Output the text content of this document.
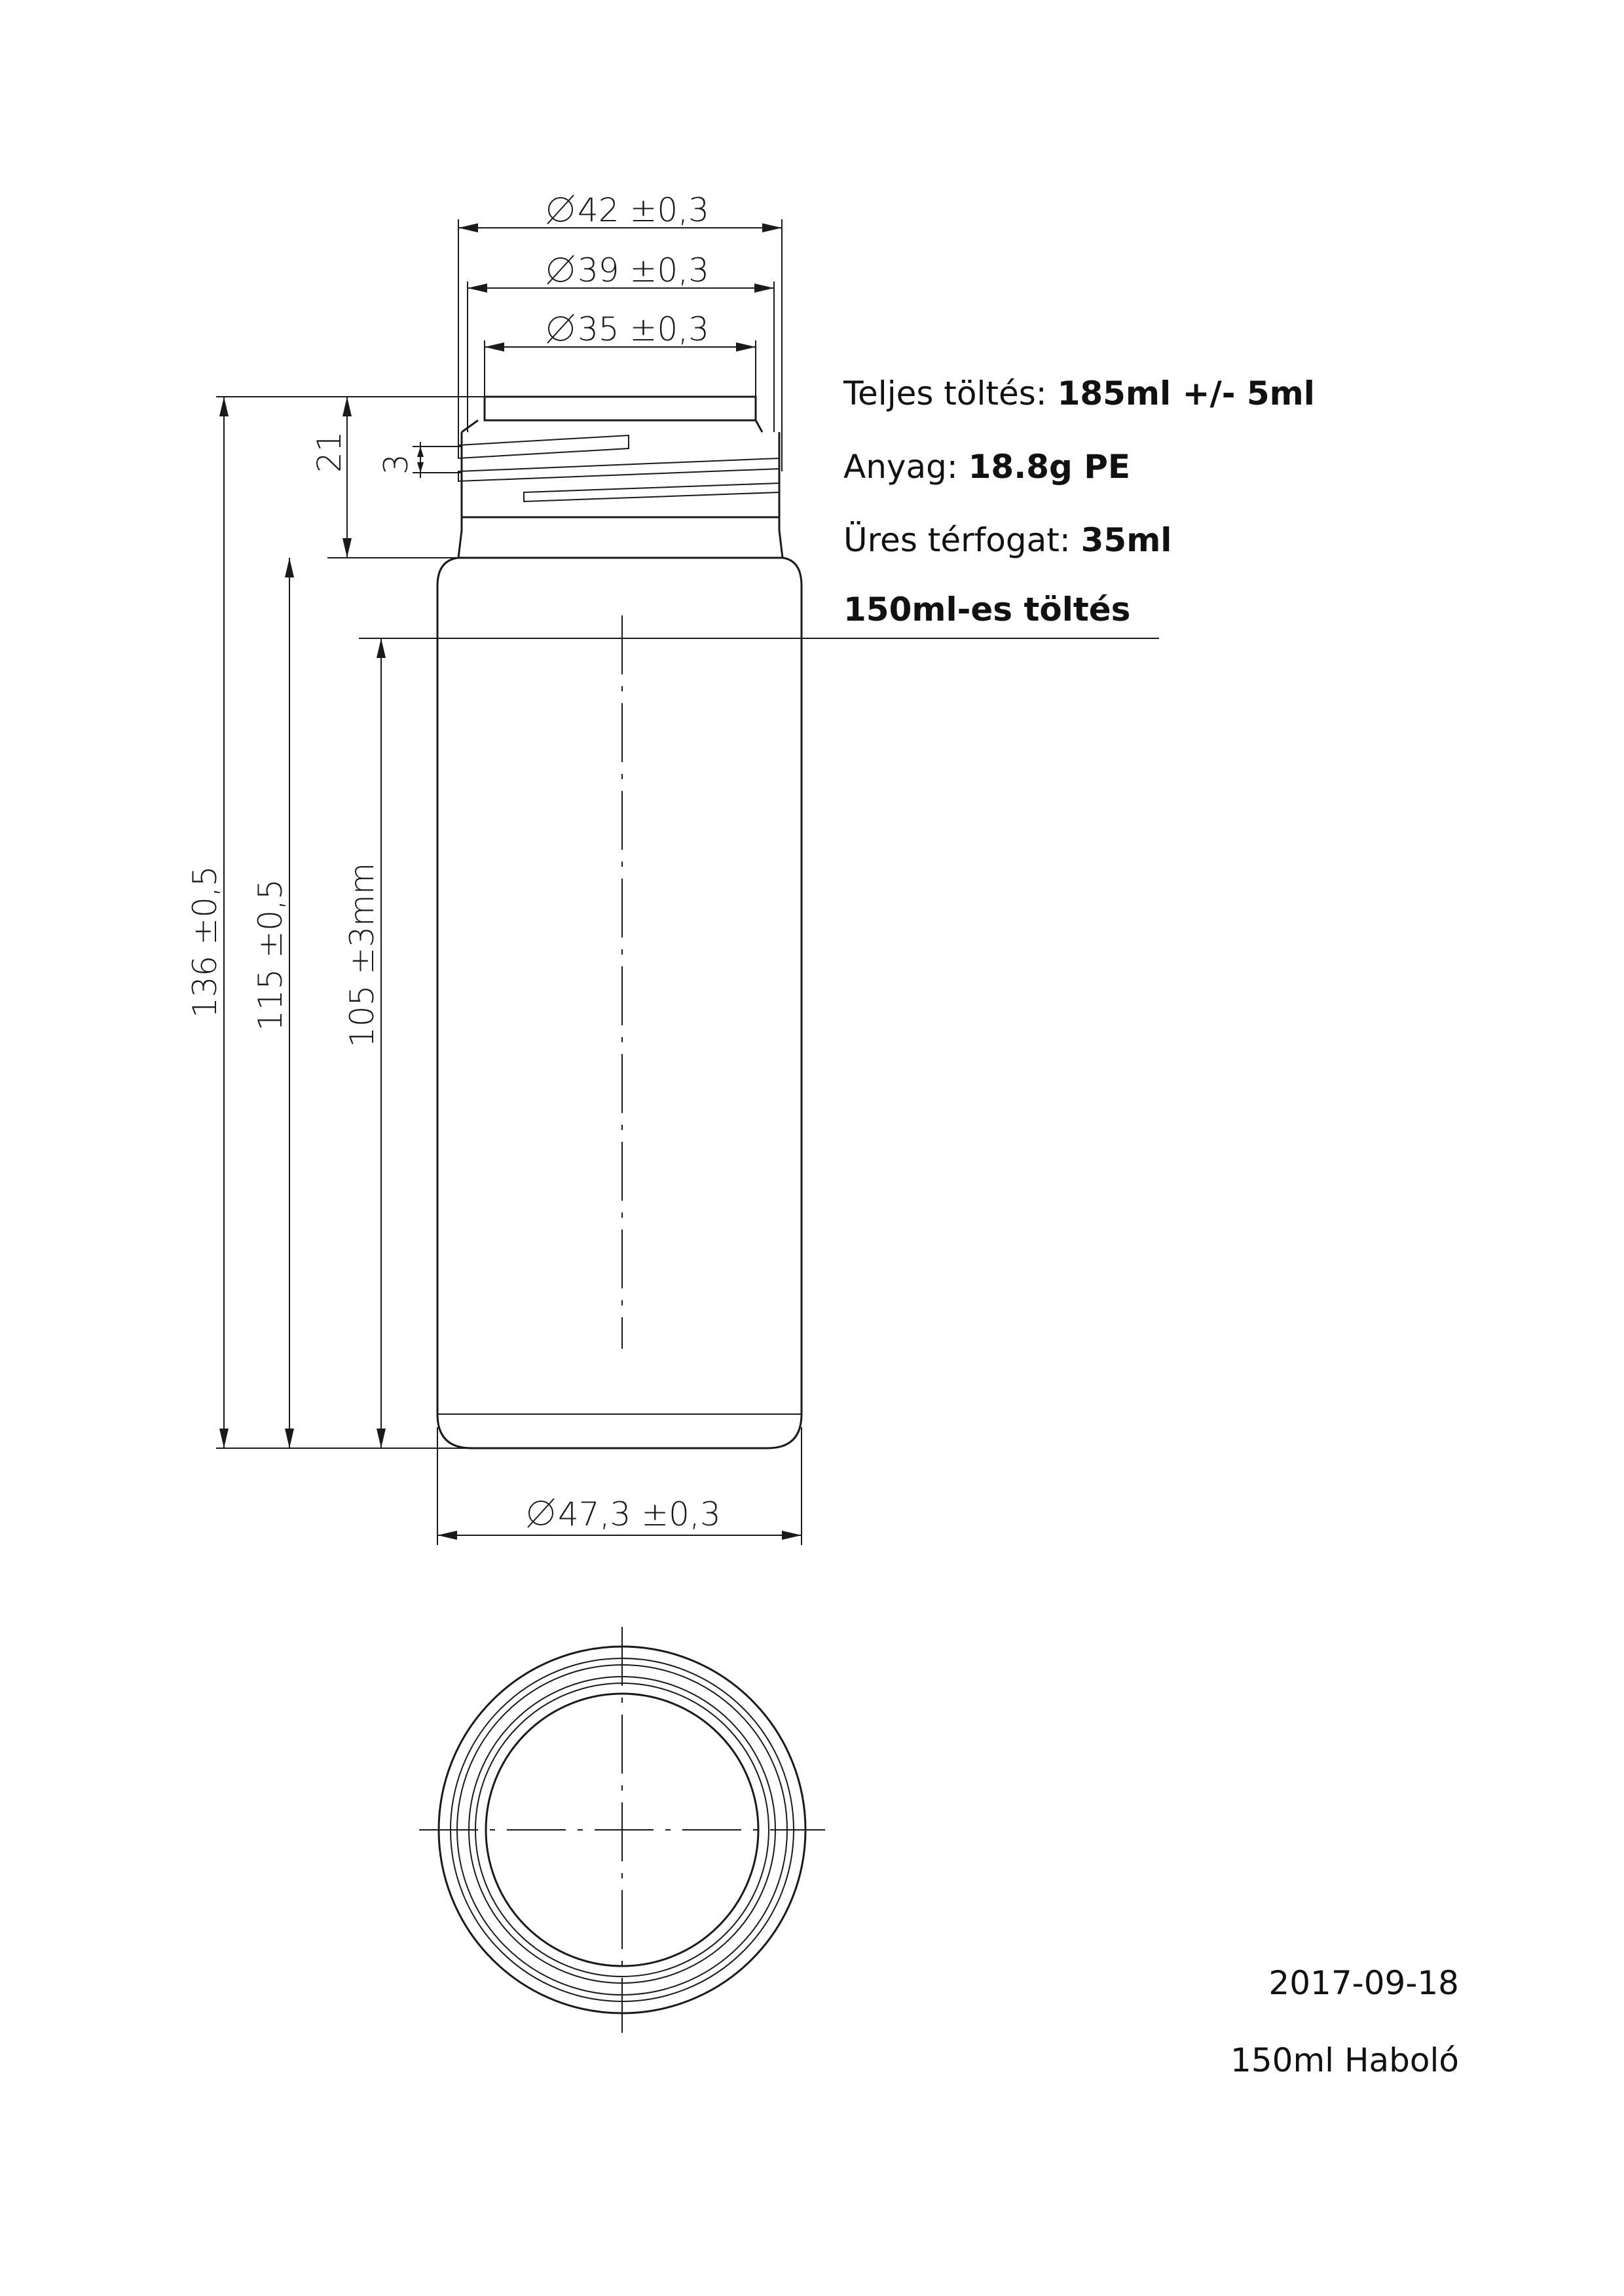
42 ±0,3
39 ±0,3
35 ±0,3
47,3 ±0,3
136 ±0,5 115 ±0,5 105 ±3mm
21 3
Teljes töltés: 185ml +/- 5ml
Anyag: 18.8g PE
Üres térfogat: 35ml
150ml-es töltés
2017-09-18
150ml Haboló
